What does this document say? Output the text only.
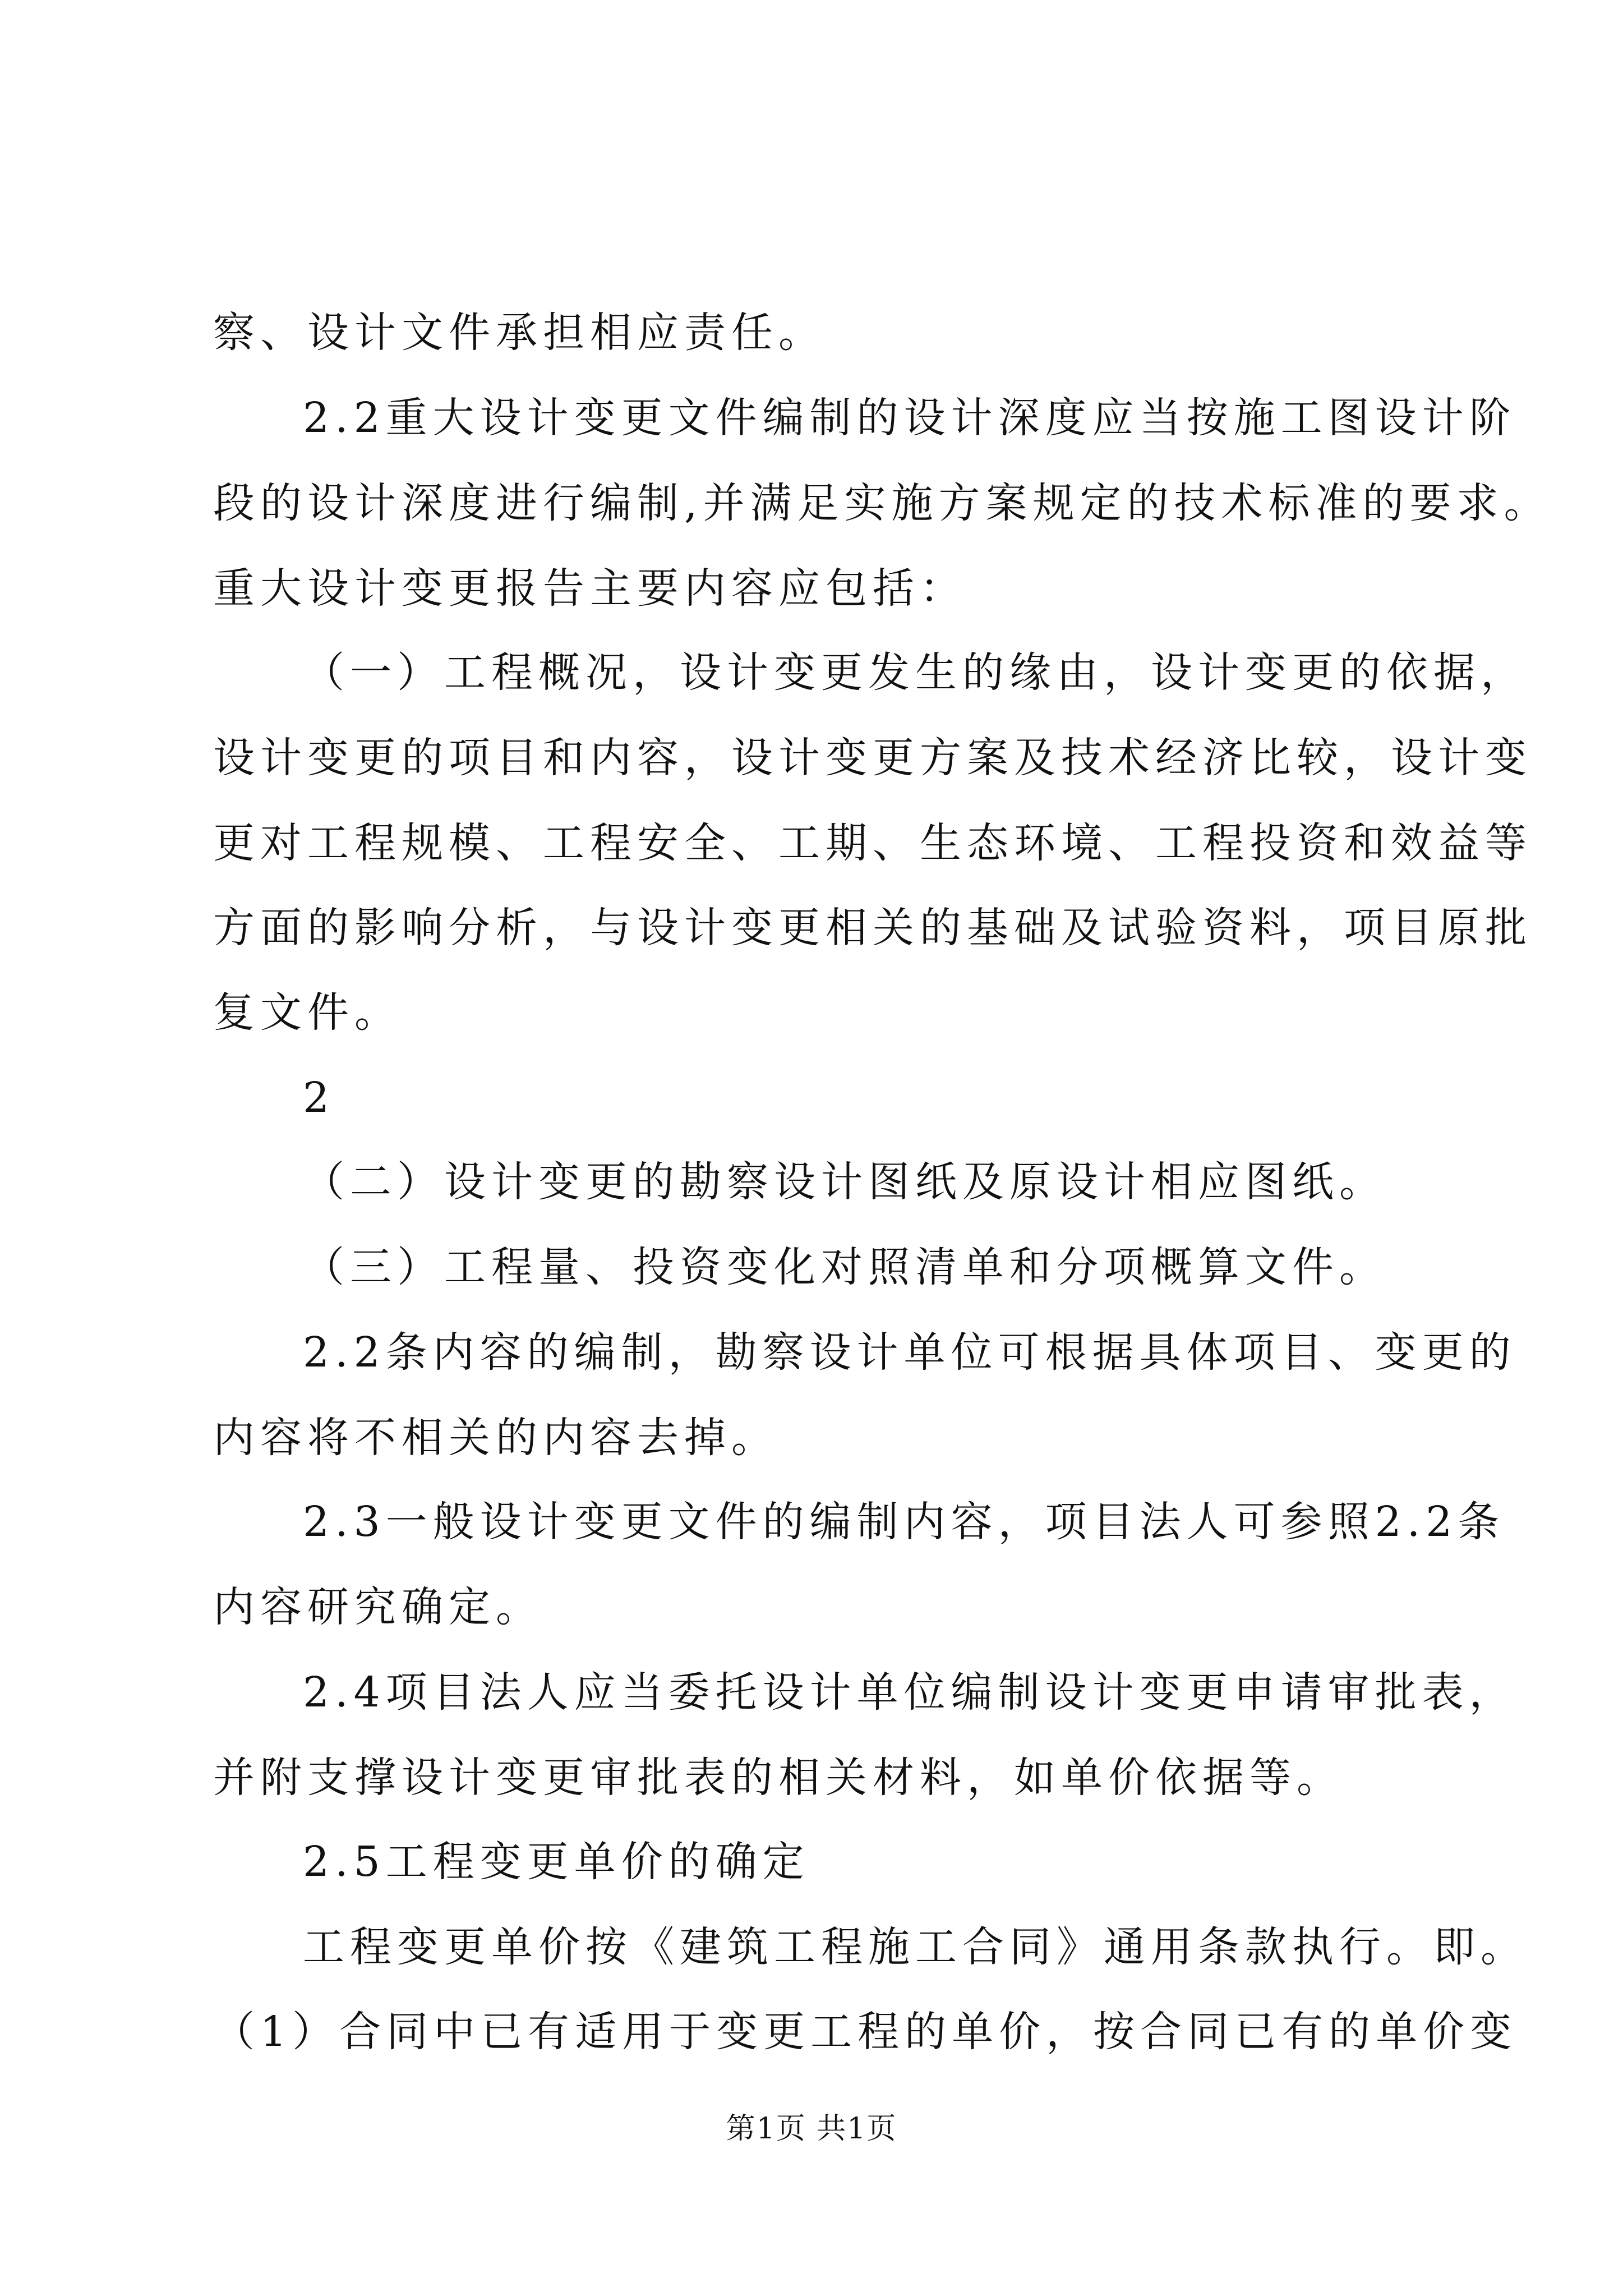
察、设计文件承担相应责任。
2.2重大设计变更文件编制的设计深度应当按施工图设计阶
段的设计深度进行编制,并满足实施方案规定的技术标准的要求。
重大设计变更报告主要内容应包括：
（一）工程概况，设计变更发生的缘由，设计变更的依据，
设计变更的项目和内容，设计变更方案及技术经济比较，设计变
更对工程规模、工程安全、工期、生态环境、工程投资和效益等
方面的影响分析，与设计变更相关的基础及试验资料，项目原批
复文件。
2
（二）设计变更的勘察设计图纸及原设计相应图纸。
（三）工程量、投资变化对照清单和分项概算文件。
2.2条内容的编制，勘察设计单位可根据具体项目、变更的
内容将不相关的内容去掉。
2.3一般设计变更文件的编制内容，项目法人可参照2.2条
内容研究确定。
2.4项目法人应当委托设计单位编制设计变更申请审批表，
并附支撑设计变更审批表的相关材料，如单价依据等。
2.5工程变更单价的确定
工程变更单价按《建筑工程施工合同》通用条款执行。即。
（1）合同中已有适用于变更工程的单价，按合同已有的单价变
第1页 共1页
